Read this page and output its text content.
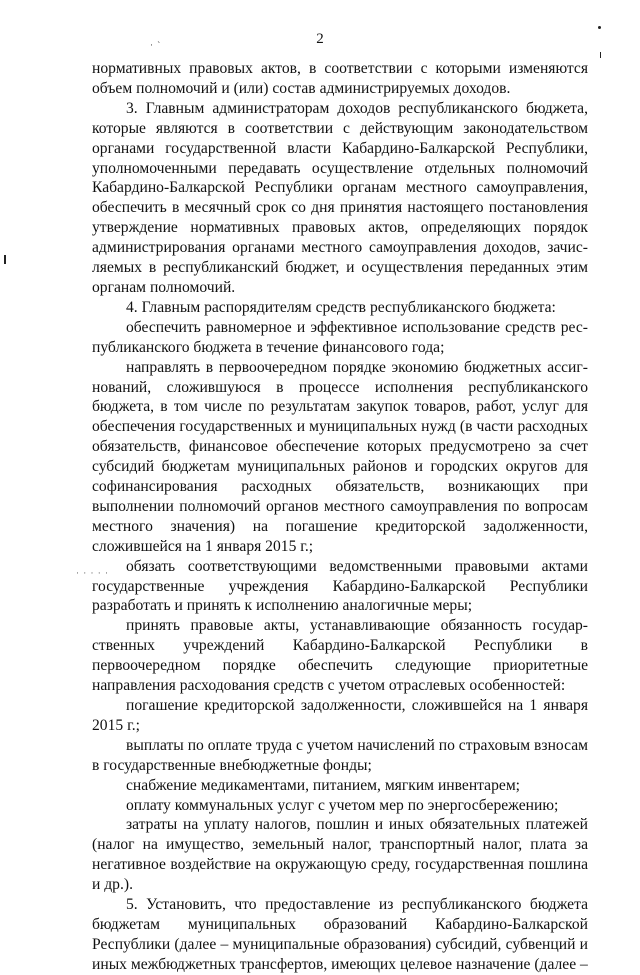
· ˋ
· · · · ·
2

нормативных правовых актов, в соответствии с которыми изменяются объем полномочий и (или) состав администрируемых доходов.

3. Главным администраторам доходов республиканского бюджета, которые являются в соответствии с действующим законодательством органами государственной власти Кабардино-Балкарской Республики, уполномоченными передавать осуществление отдельных полномочий Кабардино-Балкарской Республики органам местного самоуправления, обеспечить в месячный срок со дня принятия настоящего постановления утверждение нормативных правовых актов, определяющих порядок администрирования органами местного самоуправления доходов, зачисляемых в республиканский бюджет, и осуществления переданных этим органам полномочий.

4. Главным распорядителям средств республиканского бюджета:

обеспечить равномерное и эффективное использование средств республиканского бюджета в течение финансового года;

направлять в первоочередном порядке экономию бюджетных ассигнований, сложившуюся в процессе исполнения республиканского бюджета, в том числе по результатам закупок товаров, работ, услуг для обеспечения государственных и муниципальных нужд (в части расходных обязательств, финансовое обеспечение которых предусмотрено за счет субсидий бюджетам муниципальных районов и городских округов для софинансирования расходных обязательств, возникающих при выполнении полномочий органов местного самоуправления по вопросам местного значения) на погашение кредиторской задолженности, сложившейся на 1 января 2015 г.;

обязать соответствующими ведомственными правовыми актами государственные учреждения Кабардино-Балкарской Республики разработать и принять к исполнению аналогичные меры;

принять правовые акты, устанавливающие обязанность государственных учреждений Кабардино-Балкарской Республики в первоочередном порядке обеспечить следующие приоритетные направления расходования средств с учетом отраслевых особенностей:

погашение кредиторской задолженности, сложившейся на 1 января 2015 г.;

выплаты по оплате труда с учетом начислений по страховым взносам в государственные внебюджетные фонды;

снабжение медикаментами, питанием, мягким инвентарем;

оплату коммунальных услуг с учетом мер по энергосбережению;

затраты на уплату налогов, пошлин и иных обязательных платежей (налог на имущество, земельный налог, транспортный налог, плата за негативное воздействие на окружающую среду, государственная пошлина и др.).

5. Установить, что предоставление из республиканского бюджета бюджетам муниципальных образований Кабардино-Балкарской Республики (далее – муниципальные образования) субсидий, субвенций и иных межбюджетных трансфертов, имеющих целевое назначение (далее –
